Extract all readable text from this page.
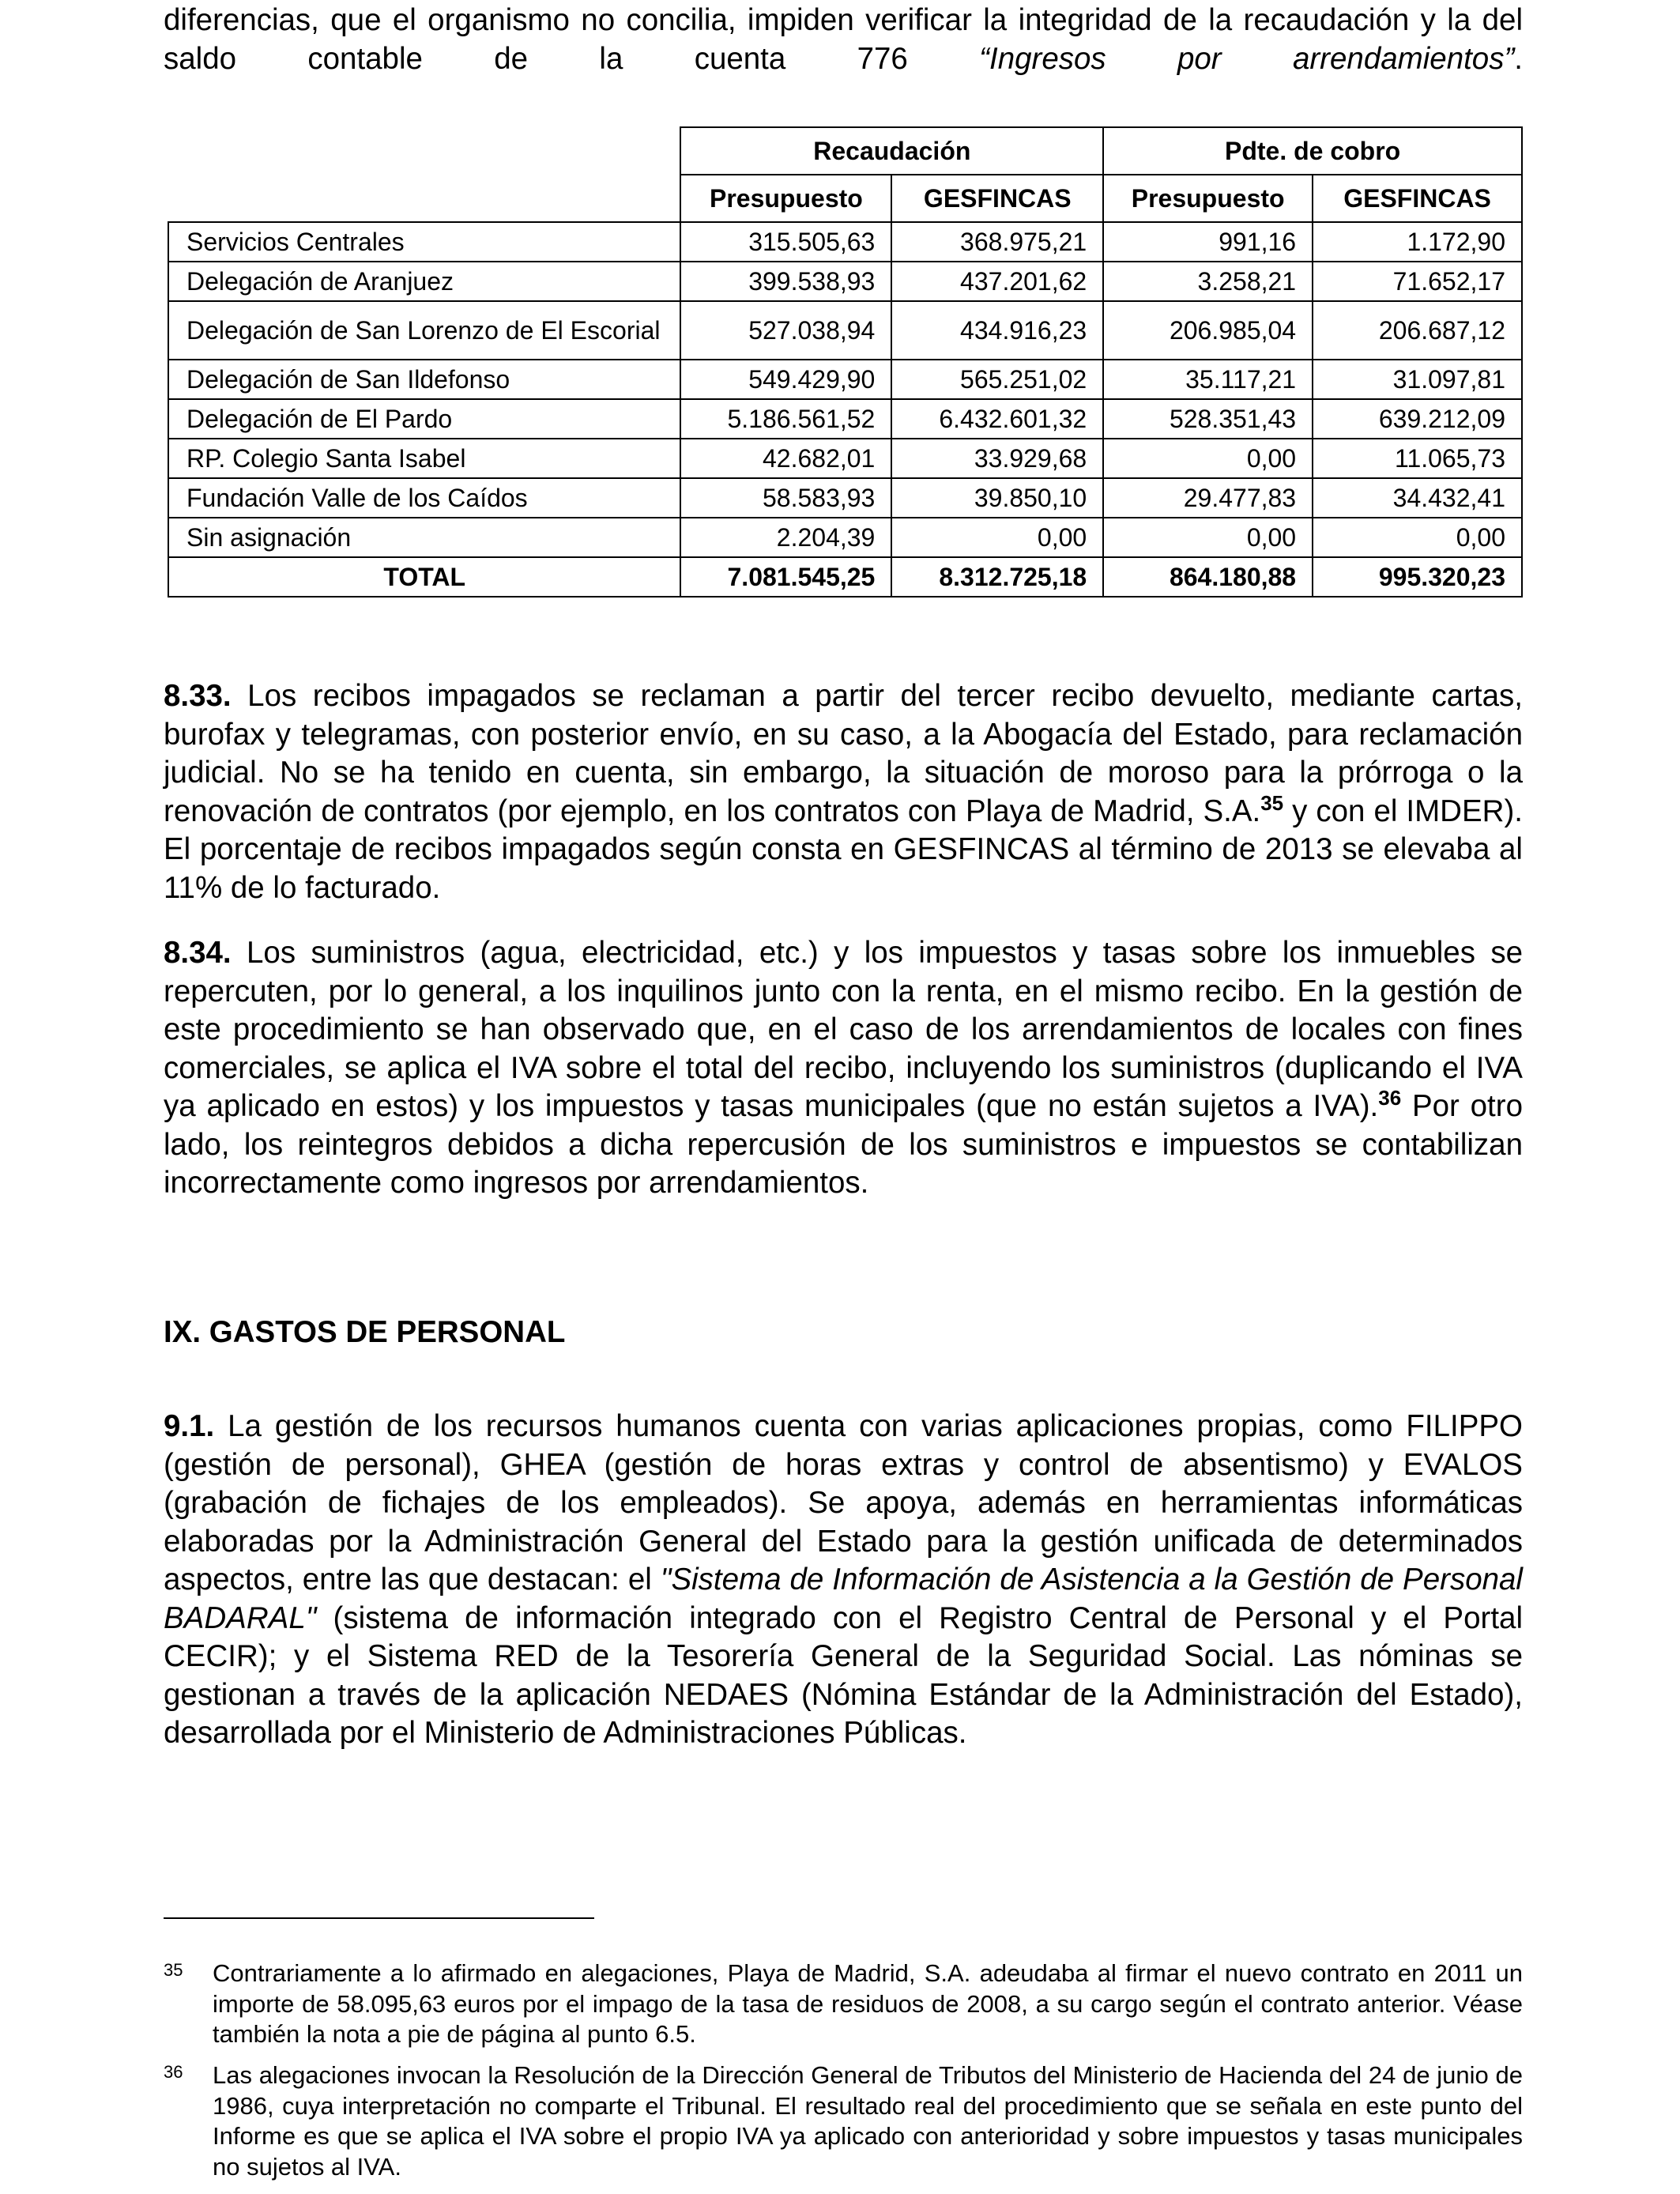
diferencias, que el organismo no concilia, impiden verificar la integridad de la recaudación y la del saldo contable de la cuenta 776 “Ingresos por arrendamientos”.

	Recaudación		Pdte. de cobro	
	Presupuesto	GESFINCAS	Presupuesto	GESFINCAS
Servicios Centrales	315.505,63	368.975,21	991,16	1.172,90
Delegación de Aranjuez	399.538,93	437.201,62	3.258,21	71.652,17
Delegación de San Lorenzo de El Escorial	527.038,94	434.916,23	206.985,04	206.687,12
Delegación de San Ildefonso	549.429,90	565.251,02	35.117,21	31.097,81
Delegación de El Pardo	5.186.561,52	6.432.601,32	528.351,43	639.212,09
RP. Colegio Santa Isabel	42.682,01	33.929,68	0,00	11.065,73
Fundación Valle de los Caídos	58.583,93	39.850,10	29.477,83	34.432,41
Sin asignación	2.204,39	0,00	0,00	0,00
TOTAL	7.081.545,25	8.312.725,18	864.180,88	995.320,23

8.33. Los recibos impagados se reclaman a partir del tercer recibo devuelto, mediante cartas, burofax y telegramas, con posterior envío, en su caso, a la Abogacía del Estado, para reclamación judicial. No se ha tenido en cuenta, sin embargo, la situación de moroso para la prórroga o la renovación de contratos (por ejemplo, en los contratos con Playa de Madrid, S.A.$^{35}$ y con el IMDER). El porcentaje de recibos impagados según consta en GESFINCAS al término de 2013 se elevaba al 11% de lo facturado.

8.34. Los suministros (agua, electricidad, etc.) y los impuestos y tasas sobre los inmuebles se repercuten, por lo general, a los inquilinos junto con la renta, en el mismo recibo. En la gestión de este procedimiento se han observado que, en el caso de los arrendamientos de locales con fines comerciales, se aplica el IVA sobre el total del recibo, incluyendo los suministros (duplicando el IVA ya aplicado en estos) y los impuestos y tasas municipales (que no están sujetos a IVA).$^{36}$ Por otro lado, los reintegros debidos a dicha repercusión de los suministros e impuestos se contabilizan incorrectamente como ingresos por arrendamientos.

IX. GASTOS DE PERSONAL

9.1. La gestión de los recursos humanos cuenta con varias aplicaciones propias, como FILIPPO (gestión de personal), GHEA (gestión de horas extras y control de absentismo) y EVALOS (grabación de fichajes de los empleados). Se apoya, además en herramientas informáticas elaboradas por la Administración General del Estado para la gestión unificada de determinados aspectos, entre las que destacan: el "Sistema de Información de Asistencia a la Gestión de Personal BADARAL" (sistema de información integrado con el Registro Central de Personal y el Portal CECIR); y el Sistema RED de la Tesorería General de la Seguridad Social. Las nóminas se gestionan a través de la aplicación NEDAES (Nómina Estándar de la Administración del Estado), desarrollada por el Ministerio de Administraciones Públicas.

35 Contrariamente a lo afirmado en alegaciones, Playa de Madrid, S.A. adeudaba al firmar el nuevo contrato en 2011 un importe de 58.095,63 euros por el impago de la tasa de residuos de 2008, a su cargo según el contrato anterior. Véase también la nota a pie de página al punto 6.5.
36 Las alegaciones invocan la Resolución de la Dirección General de Tributos del Ministerio de Hacienda del 24 de junio de 1986, cuya interpretación no comparte el Tribunal. El resultado real del procedimiento que se señala en este punto del Informe es que se aplica el IVA sobre el propio IVA ya aplicado con anterioridad y sobre impuestos y tasas municipales no sujetos al IVA.
